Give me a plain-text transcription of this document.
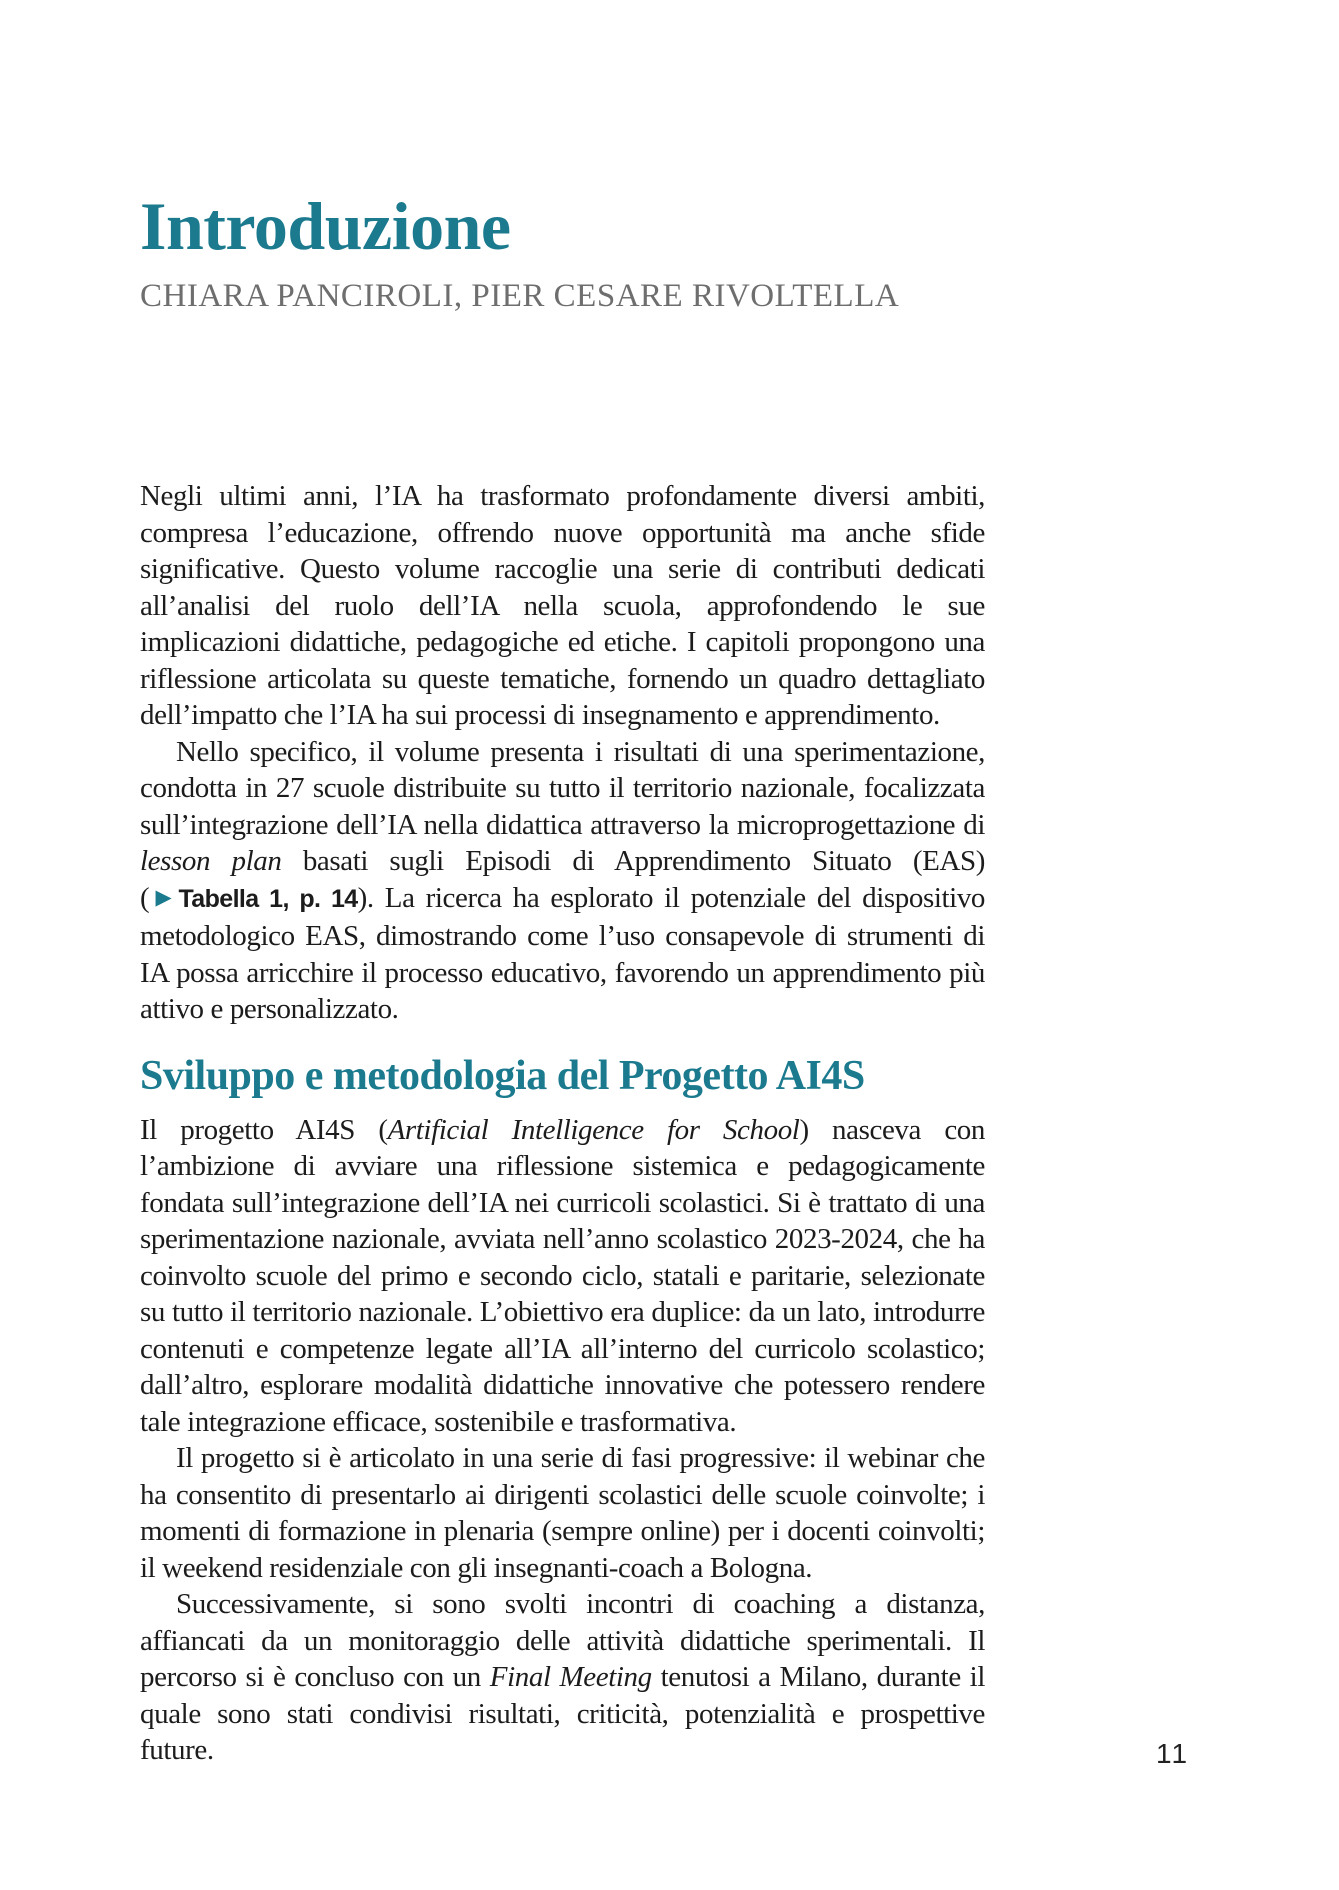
Introduzione
CHIARA PANCIROLI, PIER CESARE RIVOLTELLA

Negli ultimi anni, l’IA ha trasformato profondamente diversi ambiti, compresa l’educazione, offrendo nuove opportunità ma anche sfide significative. Questo volume raccoglie una serie di contributi dedicati all’analisi del ruolo dell’IA nella scuola, approfondendo le sue implicazioni didattiche, pedagogiche ed etiche. I capitoli propongono una riflessione articolata su queste tematiche, fornendo un quadro dettagliato dell’impatto che l’IA ha sui processi di insegnamento e apprendimento.

Nello specifico, il volume presenta i risultati di una sperimentazione, condotta in 27 scuole distribuite su tutto il territorio nazionale, focalizzata sull’integrazione dell’IA nella didattica attraverso la microprogettazione di lesson plan basati sugli Episodi di Apprendimento Situato (EAS) (▶ Tabella 1, p. 14). La ricerca ha esplorato il potenziale del dispositivo metodologico EAS, dimostrando come l’uso consapevole di strumenti di IA possa arricchire il processo educativo, favorendo un apprendimento più attivo e personalizzato.

Sviluppo e metodologia del Progetto AI4S

Il progetto AI4S (Artificial Intelligence for School) nasceva con l’ambizione di avviare una riflessione sistemica e pedagogicamente fondata sull’integrazione dell’IA nei curricoli scolastici. Si è trattato di una sperimentazione nazionale, avviata nell’anno scolastico 2023-2024, che ha coinvolto scuole del primo e secondo ciclo, statali e paritarie, selezionate su tutto il territorio nazionale. L’obiettivo era duplice: da un lato, introdurre contenuti e competenze legate all’IA all’interno del curricolo scolastico; dall’altro, esplorare modalità didattiche innovative che potessero rendere tale integrazione efficace, sostenibile e trasformativa.

Il progetto si è articolato in una serie di fasi progressive: il webinar che ha consentito di presentarlo ai dirigenti scolastici delle scuole coinvolte; i momenti di formazione in plenaria (sempre online) per i docenti coinvolti; il weekend residenziale con gli insegnanti-coach a Bologna.

Successivamente, si sono svolti incontri di coaching a distanza, affiancati da un monitoraggio delle attività didattiche sperimentali. Il percorso si è concluso con un Final Meeting tenutosi a Milano, durante il quale sono stati condivisi risultati, criticità, potenzialità e prospettive future.	11
